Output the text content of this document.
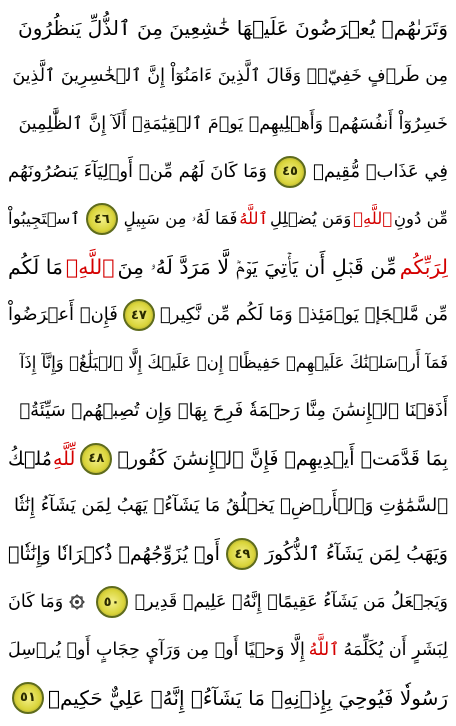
وَتَرَىٰهُمۡ يُعۡرَضُونَ عَلَيۡهَا خَٰشِعِينَ مِنَ ٱلذُّلِّ يَنظُرُونَ
مِن طَرۡفٍ خَفِيّٖۗ وَقَالَ ٱلَّذِينَ ءَامَنُوٓاْ إِنَّ ٱلۡخَٰسِرِينَ ٱلَّذِينَ
خَسِرُوٓاْ أَنفُسَهُمۡ وَأَهۡلِيهِمۡ يَوۡمَ ٱلۡقِيَٰمَةِۗ أَلَآ إِنَّ ٱلظَّٰلِمِينَ
فِي عَذَابٖ مُّقِيمٖ
٤٥
وَمَا كَانَ لَهُم مِّنۡ أَوۡلِيَآءَ يَنصُرُونَهُم
مِّن دُونِ
ٱللَّهِۗ
وَمَن يُضۡلِلِ
ٱللَّهُ
فَمَا لَهُۥ مِن سَبِيلٍ
٤٦
ٱسۡتَجِيبُواْ
لِرَبِّكُم
مِّن قَبۡلِ أَن يَأۡتِيَ يَوۡمٞ لَّا مَرَدَّ لَهُۥ مِنَ
ٱللَّهِۚ
مَا لَكُم
مِّن مَّلۡجَإٖ يَوۡمَئِذٖ وَمَا لَكُم مِّن نَّكِيرٖ
٤٧
فَإِنۡ أَعۡرَضُواْ
فَمَآ أَرۡسَلۡنَٰكَ عَلَيۡهِمۡ حَفِيظًاۖ إِنۡ عَلَيۡكَ إِلَّا ٱلۡبَلَٰغُۗ وَإِنَّآ إِذَآ
أَذَقۡنَا ٱلۡإِنسَٰنَ مِنَّا رَحۡمَةٗ فَرِحَ بِهَاۖ وَإِن تُصِبۡهُمۡ سَيِّئَةُۢ
بِمَا قَدَّمَتۡ أَيۡدِيهِمۡ فَإِنَّ ٱلۡإِنسَٰنَ كَفُورٞ
٤٨
لِّلَّهِ
مُلۡكُ
ٱلسَّمَٰوَٰتِ وَٱلۡأَرۡضِۚ يَخۡلُقُ مَا يَشَآءُۚ يَهَبُ لِمَن يَشَآءُ إِنَٰثٗا
وَيَهَبُ لِمَن يَشَآءُ ٱلذُّكُورَ
٤٩
أَوۡ يُزَوِّجُهُمۡ ذُكۡرَانٗا وَإِنَٰثٗاۖ
وَيَجۡعَلُ مَن يَشَآءُ عَقِيمًاۚ إِنَّهُۥ عَلِيمٞ قَدِيرٞ
٥٠
وَمَا كَانَ
لِبَشَرٍ أَن يُكَلِّمَهُ
ٱللَّهُ
إِلَّا وَحۡيًا أَوۡ مِن وَرَآيِٕ حِجَابٍ أَوۡ يُرۡسِلَ
رَسُولٗا فَيُوحِيَ بِإِذۡنِهِۦ مَا يَشَآءُۚ إِنَّهُۥ عَلِيٌّ حَكِيمٞ
٥١
